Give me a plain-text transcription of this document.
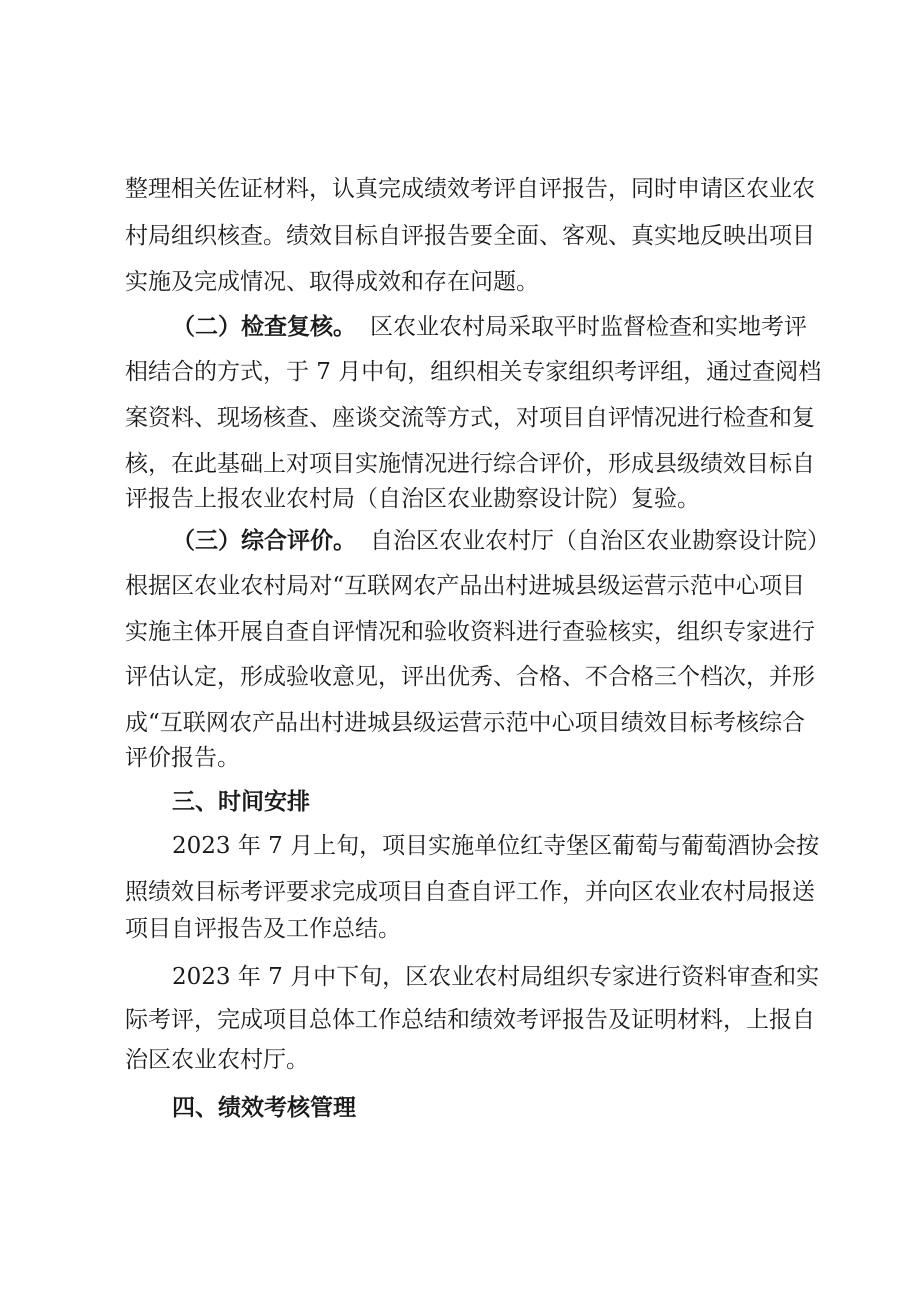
整理相关佐证材料，认真完成绩效考评自评报告，同时申请区农业农
村局组织核查。绩效目标自评报告要全面、客观、真实地反映出项目
实施及完成情况、取得成效和存在问题。
（二）检查复核。 区农业农村局采取平时监督检查和实地考评
相结合的方式，于 7 月中旬，组织相关专家组织考评组，通过查阅档
案资料、现场核查、座谈交流等方式，对项目自评情况进行检查和复
核，在此基础上对项目实施情况进行综合评价，形成县级绩效目标自
评报告上报农业农村局（自治区农业勘察设计院）复验。
（三）综合评价。 自治区农业农村厅（自治区农业勘察设计院）
根据区农业农村局对“互联网农产品出村进城县级运营示范中心项目
实施主体开展自查自评情况和验收资料进行查验核实，组织专家进行
评估认定，形成验收意见，评出优秀、合格、不合格三个档次，并形
成“互联网农产品出村进城县级运营示范中心项目绩效目标考核综合
评价报告。
三、时间安排
2023 年 7 月上旬，项目实施单位红寺堡区葡萄与葡萄酒协会按
照绩效目标考评要求完成项目自查自评工作，并向区农业农村局报送
项目自评报告及工作总结。
2023 年 7 月中下旬，区农业农村局组织专家进行资料审查和实
际考评，完成项目总体工作总结和绩效考评报告及证明材料，上报自
治区农业农村厅。
四、绩效考核管理
